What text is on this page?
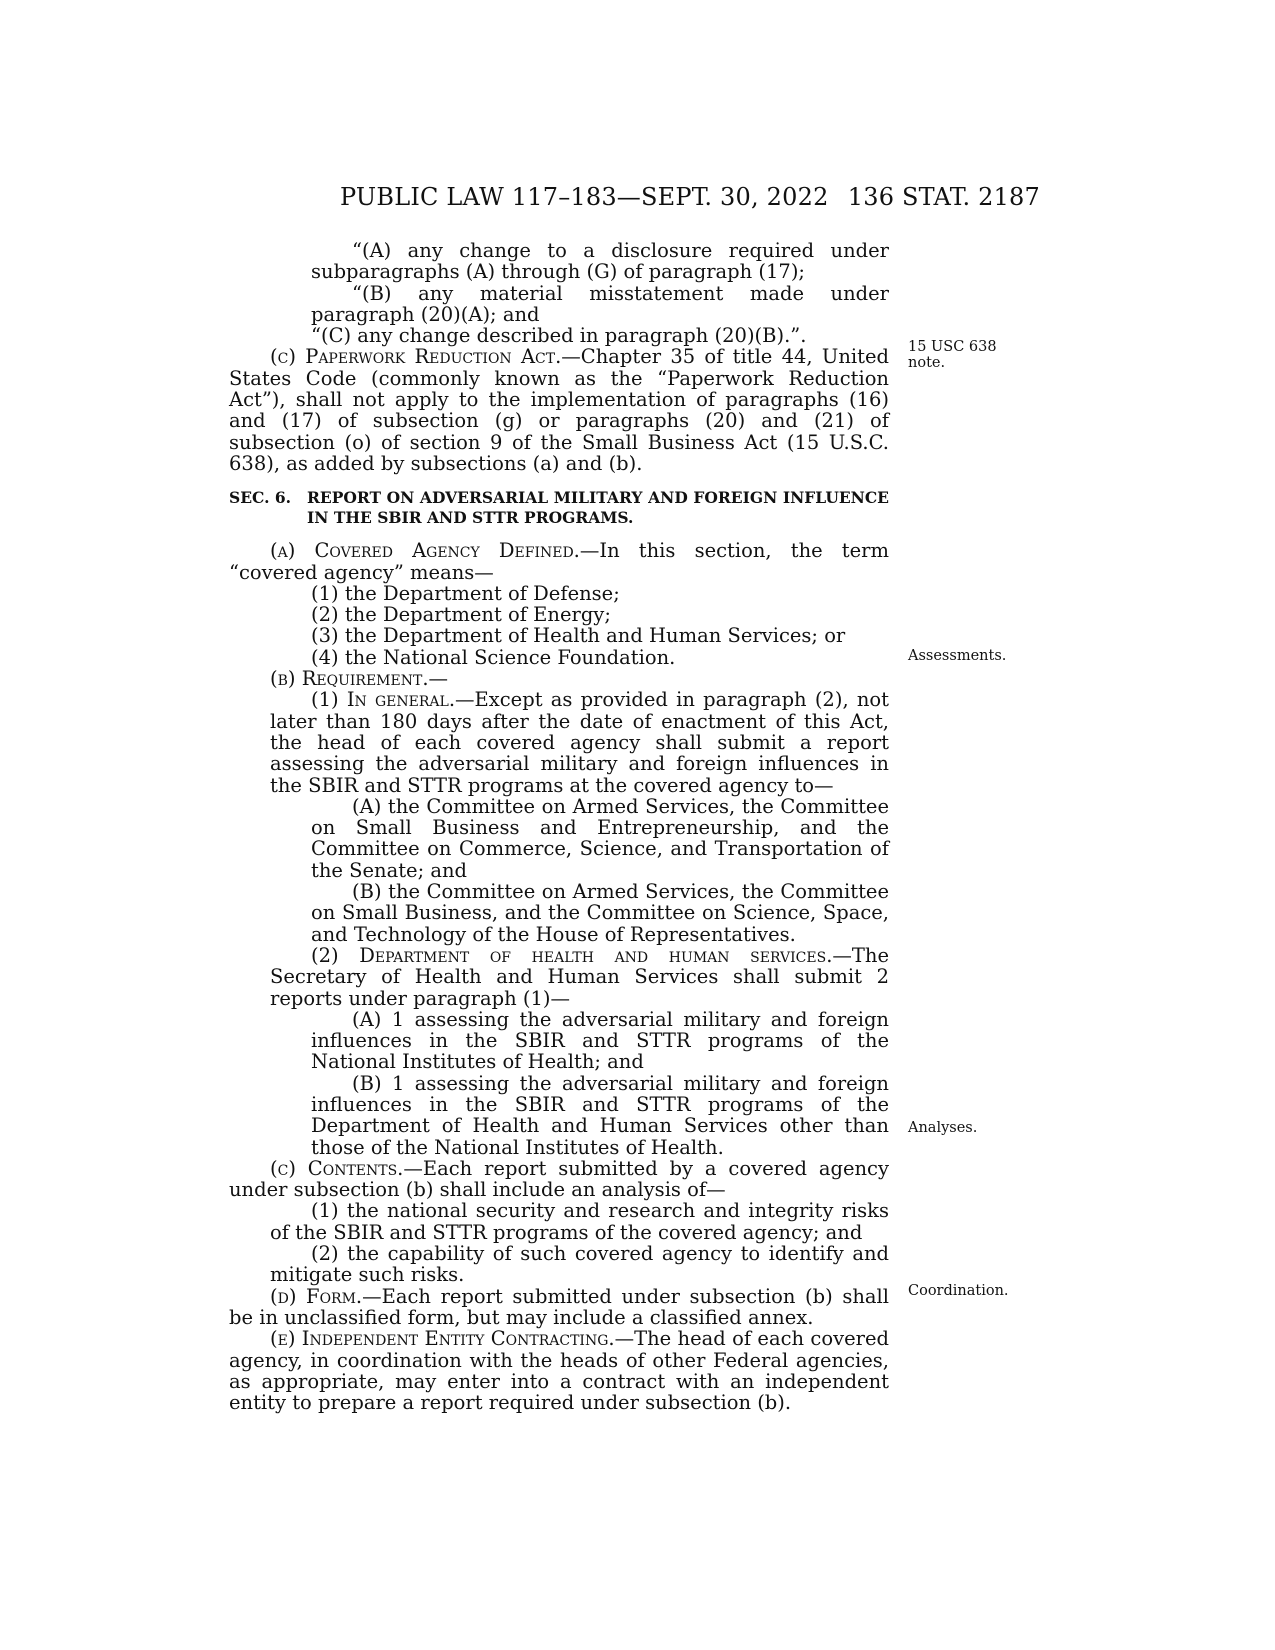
PUBLIC LAW 117–183—SEPT. 30, 2022 136 STAT. 2187
15 USC 638 note.
Assessments.
Analyses.
Coordination.

“(A) any change to a disclosure required under subparagraphs (A) through (G) of paragraph (17);

“(B) any material misstatement made under paragraph (20)(A); and

“(C) any change described in paragraph (20)(B).”.

(c) Paperwork Reduction Act.—Chapter 35 of title 44, United States Code (commonly known as the “Paperwork Reduction Act”), shall not apply to the implementation of paragraphs (16) and (17) of subsection (g) or paragraphs (20) and (21) of subsection (o) of section 9 of the Small Business Act (15 U.S.C. 638), as added by subsections (a) and (b).

SEC. 6. REPORT ON ADVERSARIAL MILITARY AND FOREIGN INFLUENCE IN THE SBIR AND STTR PROGRAMS.

(a) Covered Agency Defined.—In this section, the term “covered agency” means—

(1) the Department of Defense;

(2) the Department of Energy;

(3) the Department of Health and Human Services; or

(4) the National Science Foundation.

(b) Requirement.—

(1) In general.—Except as provided in paragraph (2), not later than 180 days after the date of enactment of this Act, the head of each covered agency shall submit a report assessing the adversarial military and foreign influences in the SBIR and STTR programs at the covered agency to—

(A) the Committee on Armed Services, the Committee on Small Business and Entrepreneurship, and the Committee on Commerce, Science, and Transportation of the Senate; and

(B) the Committee on Armed Services, the Committee on Small Business, and the Committee on Science, Space, and Technology of the House of Representatives.

(2) Department of health and human services.—The Secretary of Health and Human Services shall submit 2 reports under paragraph (1)—

(A) 1 assessing the adversarial military and foreign influences in the SBIR and STTR programs of the National Institutes of Health; and

(B) 1 assessing the adversarial military and foreign influences in the SBIR and STTR programs of the Department of Health and Human Services other than those of the National Institutes of Health.

(c) Contents.—Each report submitted by a covered agency under subsection (b) shall include an analysis of—

(1) the national security and research and integrity risks of the SBIR and STTR programs of the covered agency; and

(2) the capability of such covered agency to identify and mitigate such risks.

(d) Form.—Each report submitted under subsection (b) shall be in unclassified form, but may include a classified annex.

(e) Independent Entity Contracting.—The head of each covered agency, in coordination with the heads of other Federal agencies, as appropriate, may enter into a contract with an independent entity to prepare a report required under subsection (b).
